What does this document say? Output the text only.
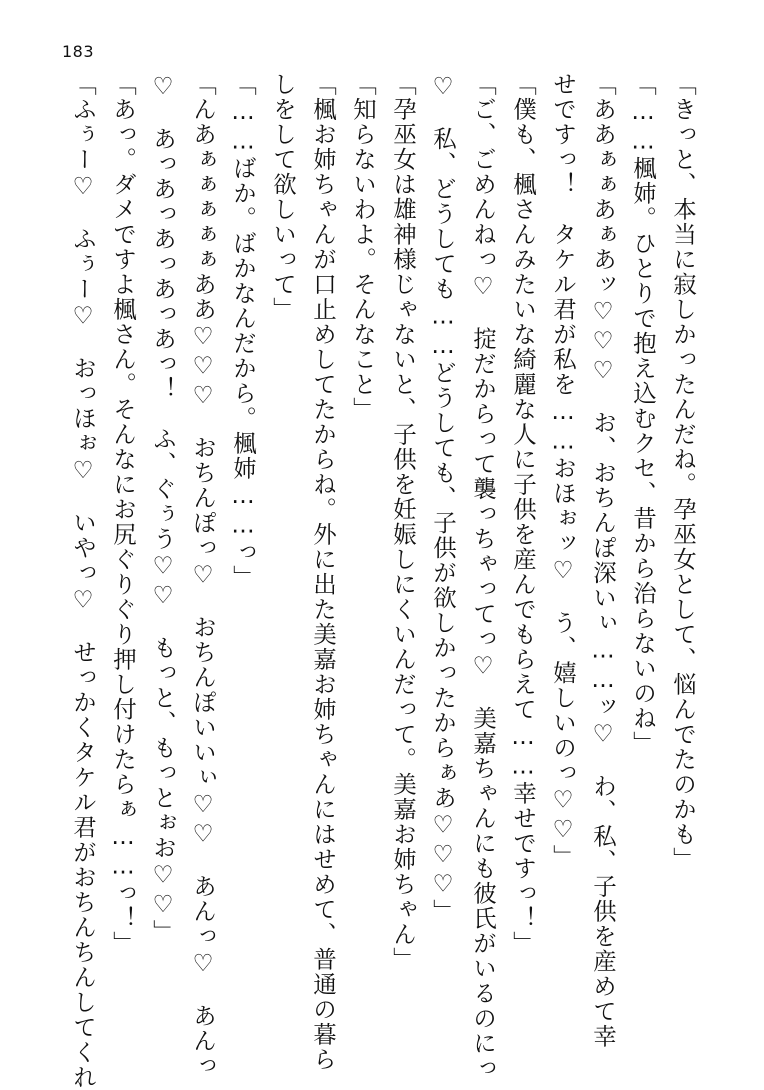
183
「きっと、本当に寂しかったんだね。孕巫女として、悩んでたのかも」
「……楓姉。ひとりで抱え込むクセ、昔から治らないのね」
「ああぁぁあぁあッ♡♡♡　お、おちんぽ深いぃ……ッ♡　わ、私、子供を産めて幸
せですっ！　タケル君が私を……おほぉッ♡　う、嬉しいのっ♡♡」
「僕も、楓さんみたいな綺麗な人に子供を産んでもらえて……幸せですっ！」
「ご、ごめんねっ♡　掟だからって襲っちゃってっ♡　美嘉ちゃんにも彼氏がいるのにっ
♡　私、どうしても……どうしても、子供が欲しかったからぁあ♡♡♡」
「孕巫女は雄神様じゃないと、子供を妊娠しにくいんだって。美嘉お姉ちゃん」
「知らないわよ。そんなこと」
「楓お姉ちゃんが口止めしてたからね。外に出た美嘉お姉ちゃんにはせめて、普通の暮ら
しをして欲しいって」
「……ばか。ばかなんだから。楓姉……っ」
「んあぁぁぁぁぁああ♡♡♡　おちんぽっ♡　おちんぽいいぃ♡♡　あんっ♡　あんっ
♡　あっあっあっあっあっ！　ふ、ぐぅう♡♡　もっと、もっとぉお♡♡」
「あっ。ダメですよ楓さん。そんなにお尻ぐりぐり押し付けたらぁ……っ！」
「ふぅー♡　ふぅー♡　おっほぉ♡　いやっ♡　せっかくタケル君がおちんちんしてくれ
